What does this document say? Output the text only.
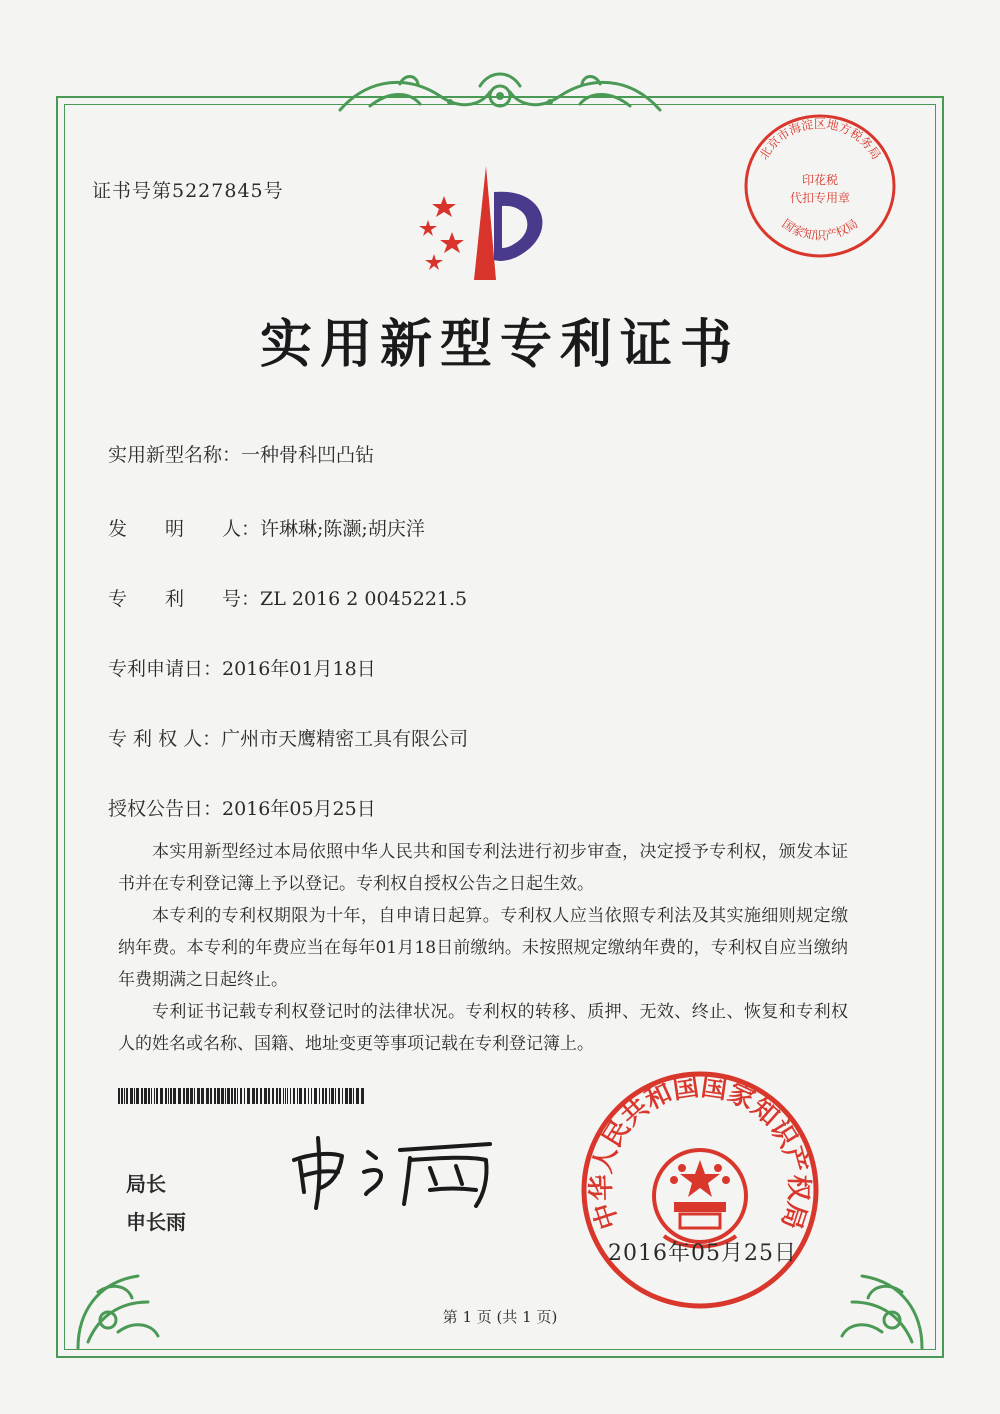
证书号第5227845号
北京市海淀区地方税务局
印花税
代扣专用章
国家知识产权局
实用新型专利证书
实用新型名称：一种骨科凹凸钻
发　　明　　人：许琳琳;陈灏;胡庆洋
专　　利　　号：ZL 2016 2 0045221.5
专利申请日：2016年01月18日
专 利 权 人：广州市天鹰精密工具有限公司
授权公告日：2016年05月25日

本实用新型经过本局依照中华人民共和国专利法进行初步审查，决定授予专利权，颁发本证书并在专利登记簿上予以登记。专利权自授权公告之日起生效。

本专利的专利权期限为十年，自申请日起算。专利权人应当依照专利法及其实施细则规定缴纳年费。本专利的年费应当在每年01月18日前缴纳。未按照规定缴纳年费的，专利权自应当缴纳年费期满之日起终止。

专利证书记载专利权登记时的法律状况。专利权的转移、质押、无效、终止、恢复和专利权人的姓名或名称、国籍、地址变更等事项记载在专利登记簿上。

局长
申长雨	中华人民共和国国家知识产权局
2016年05月25日
第 1 页 (共 1 页)
